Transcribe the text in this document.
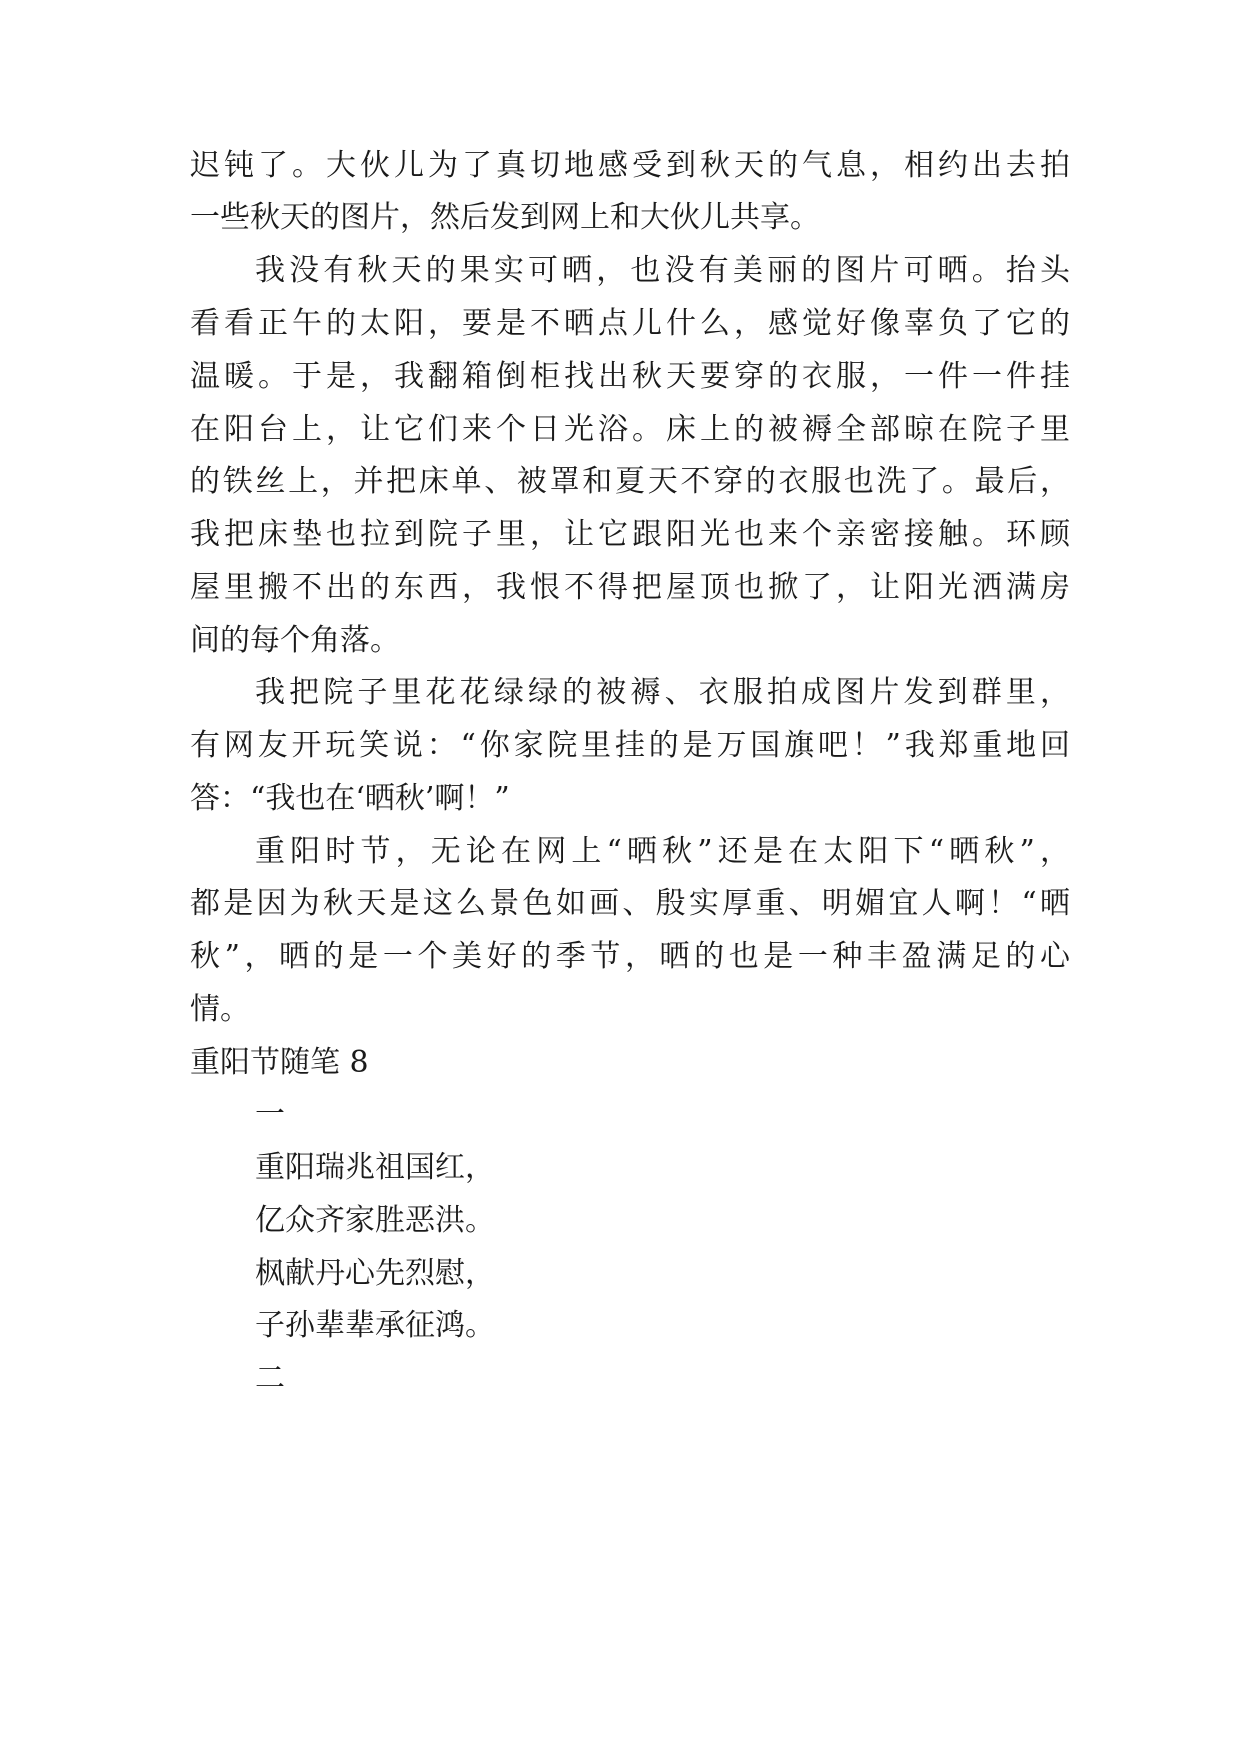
迟钝了。大伙儿为了真切地感受到秋天的气息，相约出去拍
一些秋天的图片，然后发到网上和大伙儿共享。
我没有秋天的果实可晒，也没有美丽的图片可晒。抬头
看看正午的太阳，要是不晒点儿什么，感觉好像辜负了它的
温暖。于是，我翻箱倒柜找出秋天要穿的衣服，一件一件挂
在阳台上，让它们来个日光浴。床上的被褥全部晾在院子里
的铁丝上，并把床单、被罩和夏天不穿的衣服也洗了。最后，
我把床垫也拉到院子里，让它跟阳光也来个亲密接触。环顾
屋里搬不出的东西，我恨不得把屋顶也掀了，让阳光洒满房
间的每个角落。
我把院子里花花绿绿的被褥、衣服拍成图片发到群里，
有网友开玩笑说：“你家院里挂的是万国旗吧！”我郑重地回
答：“我也在‘晒秋’啊！”
重阳时节，无论在网上“晒秋”还是在太阳下“晒秋”，
都是因为秋天是这么景色如画、殷实厚重、明媚宜人啊！“晒
秋”，晒的是一个美好的季节，晒的也是一种丰盈满足的心
情。
重阳节随笔 8
一
重阳瑞兆祖国红，
亿众齐家胜恶洪。
枫献丹心先烈慰，
子孙辈辈承征鸿。
二
